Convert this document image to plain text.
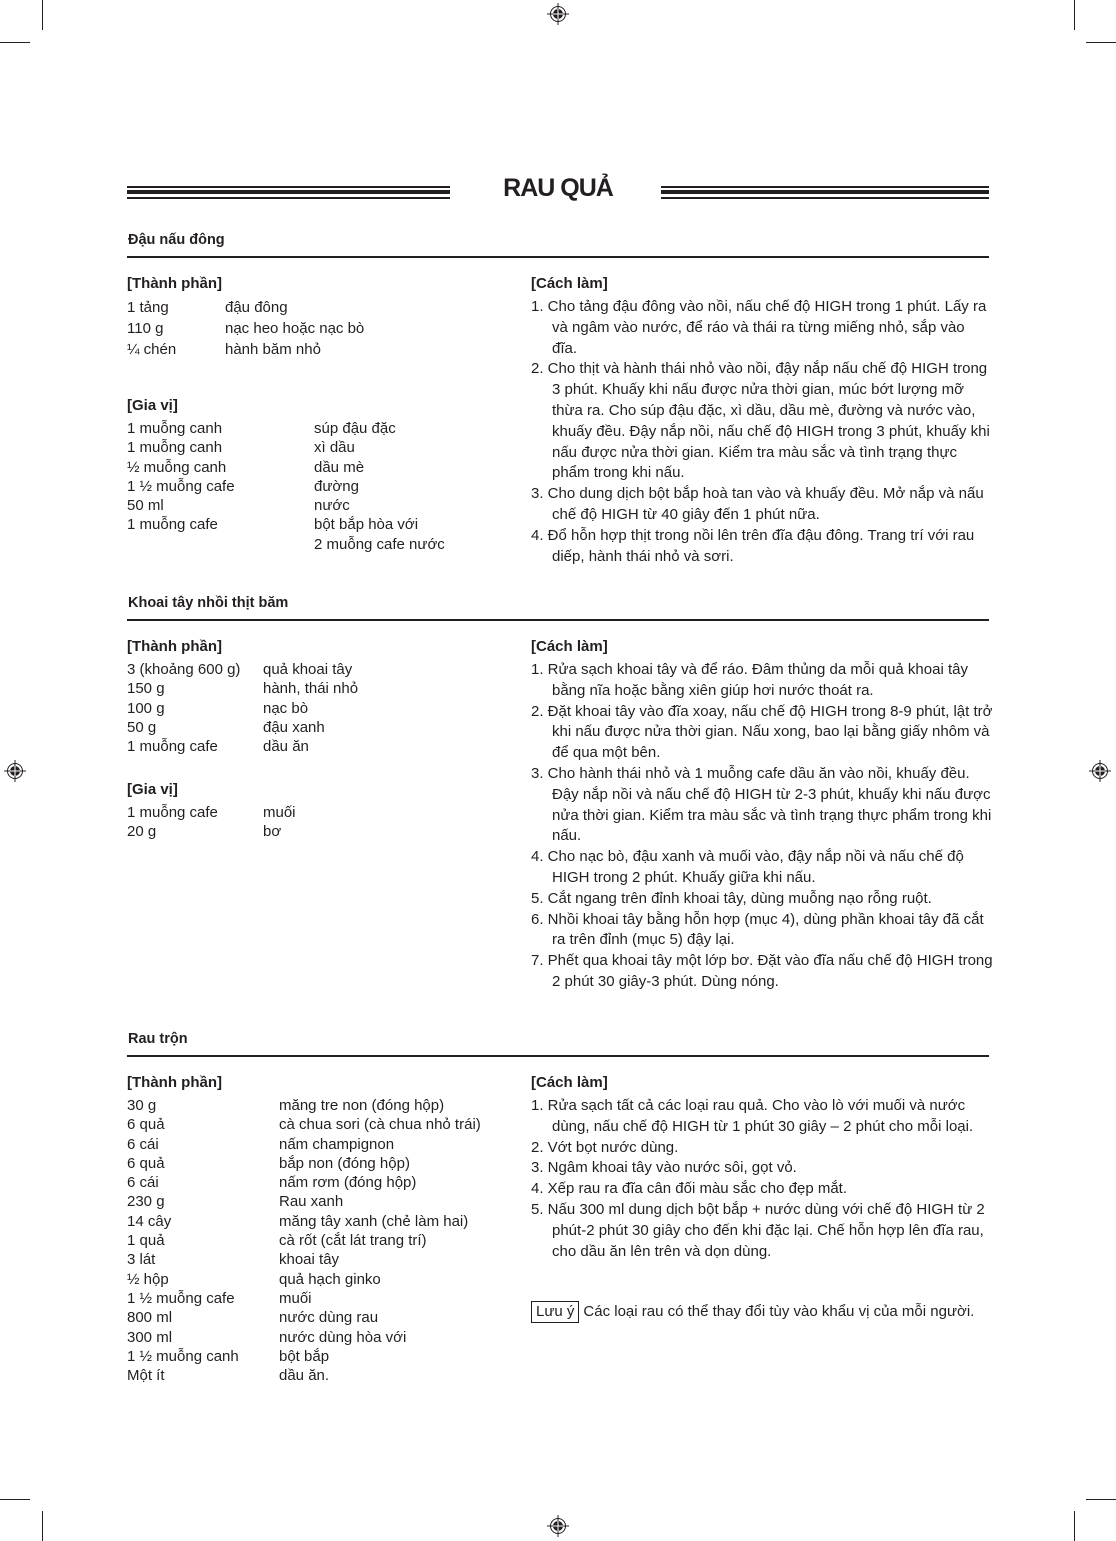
RAU QUẢ
Đậu nấu đông
[Thành phần]
1 tảng	đậu đông
110 g	nạc heo hoặc nạc bò
¼ chén	hành băm nhỏ
[Gia vị]
1 muỗng canh	súp đậu đặc
1 muỗng canh	xì dầu
½ muỗng canh	dầu mè
1 ½ muỗng cafe	đường
50 ml	nước
1 muỗng cafe	bột bắp hòa với
2 muỗng cafe nước
[Cách làm]
1. Cho tảng đậu đông vào nồi, nấu chế độ HIGH trong 1 phút. Lấy ra và ngâm vào nước, để ráo và thái ra từng miếng nhỏ, sắp vào đĩa.
2. Cho thịt và hành thái nhỏ vào nồi, đậy nắp nấu chế độ HIGH trong 3 phút. Khuấy khi nấu được nửa thời gian, múc bớt lượng mỡ thừa ra. Cho súp đậu đặc, xì dầu, dầu mè, đường và nước vào, khuấy đều. Đậy nắp nồi, nấu chế độ HIGH trong 3 phút, khuấy khi nấu được nửa thời gian. Kiểm tra màu sắc và tình trạng thực phẩm trong khi nấu.
3. Cho dung dịch bột bắp hoà tan vào và khuấy đều. Mở nắp và nấu chế độ HIGH từ 40 giây đến 1 phút nữa.
4. Đổ hỗn hợp thịt trong nồi lên trên đĩa đậu đông. Trang trí với rau diếp, hành thái nhỏ và sơri.
Khoai tây nhồi thịt băm
[Thành phần]
3 (khoảng 600 g)	quả khoai tây
150 g	hành, thái nhỏ
100 g	nạc bò
50 g	đậu xanh
1 muỗng cafe	dầu ăn
[Gia vị]
1 muỗng cafe	muối
20 g	bơ
[Cách làm]
1. Rửa sạch khoai tây và để ráo. Đâm thủng da mỗi quả khoai tây bằng nĩa hoặc bằng xiên giúp hơi nước thoát ra.
2. Đặt khoai tây vào đĩa xoay, nấu chế độ HIGH trong 8-9 phút, lật trở khi nấu được nửa thời gian. Nấu xong, bao lại bằng giấy nhôm và để qua một bên.
3. Cho hành thái nhỏ và 1 muỗng cafe dầu ăn vào nồi, khuấy đều. Đậy nắp nồi và nấu chế độ HIGH từ 2-3 phút, khuấy khi nấu được nửa thời gian. Kiểm tra màu sắc và tình trạng thực phẩm trong khi nấu.
4. Cho nạc bò, đậu xanh và muối vào, đậy nắp nồi và nấu chế độ HIGH trong 2 phút. Khuấy giữa khi nấu.
5. Cắt ngang trên đỉnh khoai tây, dùng muỗng nạo rỗng ruột.
6. Nhồi khoai tây bằng hỗn hợp (mục 4), dùng phần khoai tây đã cắt ra trên đỉnh (mục 5) đậy lại.
7. Phết qua khoai tây một lớp bơ. Đặt vào đĩa nấu chế độ HIGH trong 2 phút 30 giây-3 phút. Dùng nóng.
Rau trộn
[Thành phần]
30 g	măng tre non (đóng hộp)
6 quả	cà chua sori (cà chua nhỏ trái)
6 cái	nấm champignon
6 quả	bắp non (đóng hộp)
6 cái	nấm rơm (đóng hộp)
230 g	Rau xanh
14 cây	măng tây xanh (chẻ làm hai)
1 quả	cà rốt (cắt lát trang trí)
3 lát	khoai tây
½ hộp	quả hạch ginko
1 ½ muỗng cafe	muối
800 ml	nước dùng rau
300 ml	nước dùng hòa với
1 ½ muỗng canh	bột bắp
Một ít	dầu ăn.
[Cách làm]
1. Rửa sạch tất cả các loại rau quả. Cho vào lò với muối và nước dùng, nấu chế độ HIGH từ 1 phút 30 giây – 2 phút cho mỗi loại.
2. Vớt bọt nước dùng.
3. Ngâm khoai tây vào nước sôi, gọt vỏ.
4. Xếp rau ra đĩa cân đối màu sắc cho đẹp mắt.
5. Nấu 300 ml dung dịch bột bắp + nước dùng với chế độ HIGH từ 2 phút-2 phút 30 giây cho đến khi đặc lại. Chế hỗn hợp lên đĩa rau, cho dầu ăn lên trên và dọn dùng.
Lưu ý Các loại rau có thể thay đổi tùy vào khẩu vị của mỗi người.
